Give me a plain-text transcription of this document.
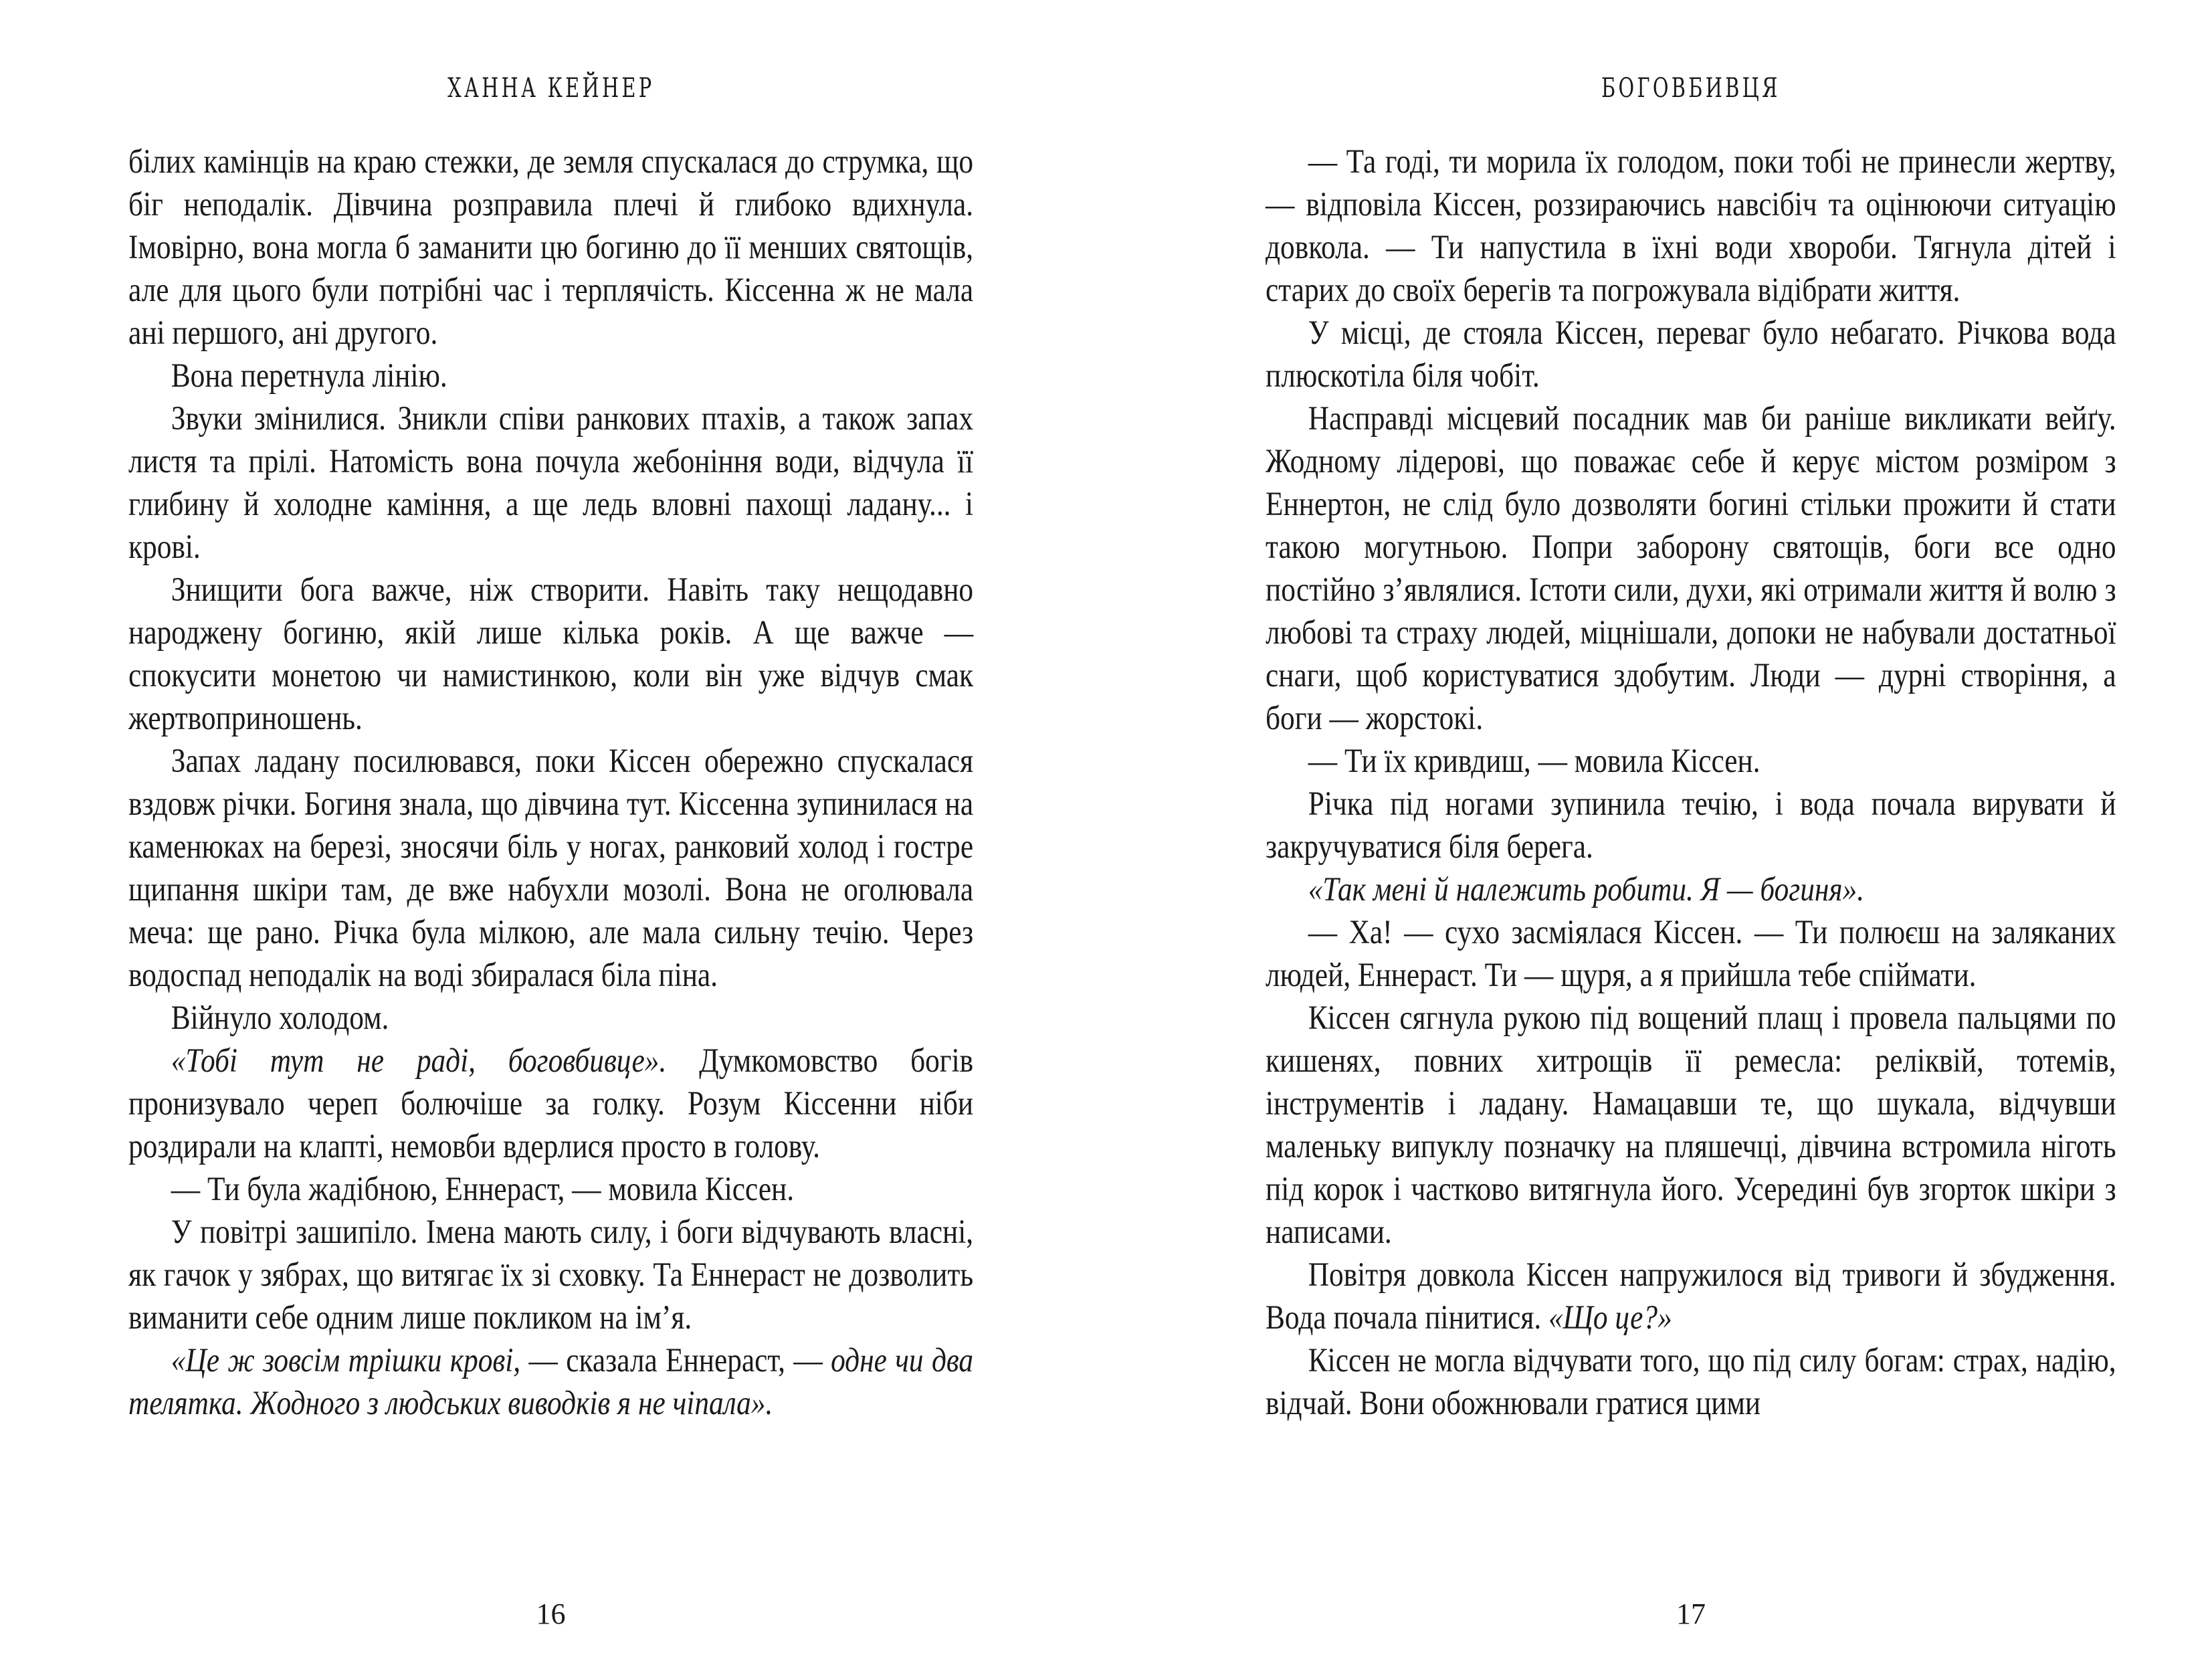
ХАННА КЕЙНЕР

білих камінців на краю стежки, де земля спускалася до струмка, що біг неподалік. Дівчина розправила плечі й глибоко вдихнула. Імовірно, вона могла б заманити цю богиню до її менших святощів, але для цього були потрібні час і терплячість. Кіссенна ж не мала ані першого, ані другого.

Вона перетнула лінію.

Звуки змінилися. Зникли співи ранкових птахів, а також запах листя та прілі. Натомість вона почула жебоніння води, відчула її глибину й холодне каміння, а ще ледь вловні пахощі ладану... і крові.

Знищити бога важче, ніж створити. Навіть таку нещодавно народжену богиню, якій лише кілька років. А ще важче — спокусити монетою чи намистинкою, коли він уже відчув смак жертвоприношень.

Запах ладану посилювався, поки Кіссен обережно спускалася вздовж річки. Богиня знала, що дівчина тут. Кіссенна зупинилася на каменюках на березі, зносячи біль у ногах, ранковий холод і гостре щипання шкіри там, де вже набухли мозолі. Вона не оголювала меча: ще рано. Річка була мілкою, але мала сильну течію. Через водоспад неподалік на воді збиралася біла піна.

Війнуло холодом.

«Тобі тут не раді, боговбивце». Думкомовство богів пронизувало череп болючіше за голку. Розум Кіссенни ніби роздирали на клапті, немовби вдерлися просто в голову.

— Ти була жадібною, Еннераст, — мовила Кіссен.

У повітрі зашипіло. Імена мають силу, і боги відчувають власні, як гачок у зябрах, що витягає їх зі сховку. Та Еннераст не дозволить виманити себе одним лише покликом на ім’я.

«Це ж зовсім трішки крові, — сказала Еннераст, — одне чи два телятка. Жодного з людських виводків я не чіпала».

16
БОГОВБИВЦЯ

— Та годі, ти морила їх голодом, поки тобі не принесли жертву, — відповіла Кіссен, роззираючись навсібіч та оцінюючи ситуацію довкола. — Ти напустила в їхні води хвороби. Тягнула дітей і старих до своїх берегів та погрожувала відібрати життя.

У місці, де стояла Кіссен, переваг було небагато. Річкова вода плюскотіла біля чобіт.

Насправді місцевий посадник мав би раніше викликати вейґу. Жодному лідерові, що поважає себе й керує містом розміром з Еннертон, не слід було дозволяти богині стільки прожити й стати такою могутньою. Попри заборону святощів, боги все одно постійно з’являлися. Істоти сили, духи, які отримали життя й волю з любові та страху людей, міцнішали, допоки не набували достатньої снаги, щоб користуватися здобутим. Люди — дурні створіння, а боги — жорстокі.

— Ти їх кривдиш, — мовила Кіссен.

Річка під ногами зупинила течію, і вода почала вирувати й закручуватися біля берега.

«Так мені й належить робити. Я — богиня».

— Ха! — сухо засміялася Кіссен. — Ти полюєш на заляканих людей, Еннераст. Ти — щуря, а я прийшла тебе спіймати.

Кіссен сягнула рукою під вощений плащ і провела пальцями по кишенях, повних хитрощів її ремесла: реліквій, тотемів, інструментів і ладану. Намацавши те, що шукала, відчувши маленьку випуклу позначку на пляшечці, дівчина встромила ніготь під корок і частково витягнула його. Усередині був згорток шкіри з написами.

Повітря довкола Кіссен напружилося від тривоги й збудження. Вода почала пінитися. «Що це?»

Кіссен не могла відчувати того, що під силу богам: страх, надію, відчай. Вони обожнювали гратися цими

17
